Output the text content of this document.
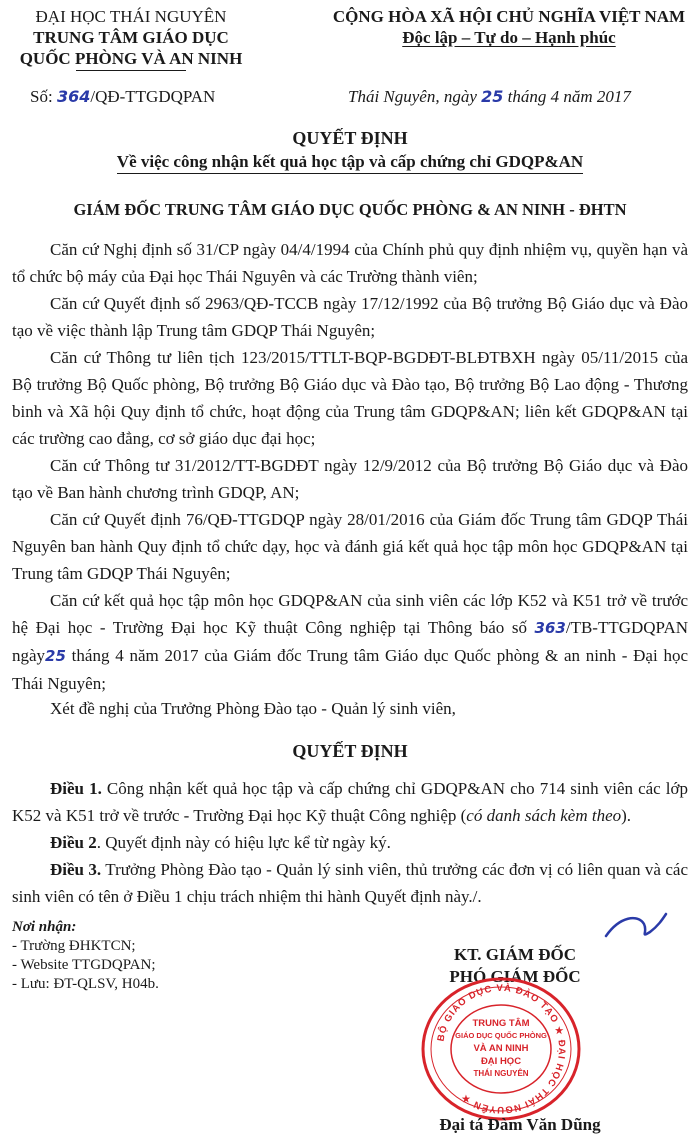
ĐẠI HỌC THÁI NGUYÊN
TRUNG TÂM GIÁO DỤC
QUỐC PHÒNG VÀ AN NINH
CỘNG HÒA XÃ HỘI CHỦ NGHĨA VIỆT NAM
Độc lập – Tự do – Hạnh phúc
Số: 364/QĐ-TTGDQPAN	Thái Nguyên, ngày 25 tháng 4 năm 2017
QUYẾT ĐỊNH
Về việc công nhận kết quả học tập và cấp chứng chỉ GDQP&AN
GIÁM ĐỐC TRUNG TÂM GIÁO DỤC QUỐC PHÒNG & AN NINH - ĐHTN
Căn cứ Nghị định số 31/CP ngày 04/4/1994 của Chính phủ quy định nhiệm vụ, quyền hạn và tổ chức bộ máy của Đại học Thái Nguyên và các Trường thành viên;
Căn cứ Quyết định số 2963/QĐ-TCCB ngày 17/12/1992 của Bộ trưởng Bộ Giáo dục và Đào tạo về việc thành lập Trung tâm GDQP Thái Nguyên;
Căn cứ Thông tư liên tịch 123/2015/TTLT-BQP-BGDĐT-BLĐTBXH ngày 05/11/2015 của Bộ trưởng Bộ Quốc phòng, Bộ trưởng Bộ Giáo dục và Đào tạo, Bộ trưởng Bộ Lao động - Thương binh và Xã hội Quy định tổ chức, hoạt động của Trung tâm GDQP&AN; liên kết GDQP&AN tại các trường cao đẳng, cơ sở giáo dục đại học;
Căn cứ Thông tư 31/2012/TT-BGDĐT ngày 12/9/2012 của Bộ trưởng Bộ Giáo dục và Đào tạo về Ban hành chương trình GDQP, AN;
Căn cứ Quyết định 76/QĐ-TTGDQP ngày 28/01/2016 của Giám đốc Trung tâm GDQP Thái Nguyên ban hành Quy định tổ chức dạy, học và đánh giá kết quả học tập môn học GDQP&AN tại Trung tâm GDQP Thái Nguyên;
Căn cứ kết quả học tập môn học GDQP&AN của sinh viên các lớp K52 và K51 trở về trước hệ Đại học - Trường Đại học Kỹ thuật Công nghiệp tại Thông báo số 363/TB-TTGDQPAN ngày25 tháng 4 năm 2017 của Giám đốc Trung tâm Giáo dục Quốc phòng & an ninh - Đại học Thái Nguyên;
Xét đề nghị của Trưởng Phòng Đào tạo - Quản lý sinh viên,
QUYẾT ĐỊNH
Điều 1. Công nhận kết quả học tập và cấp chứng chỉ GDQP&AN cho 714 sinh viên các lớp K52 và K51 trở về trước - Trường Đại học Kỹ thuật Công nghiệp (có danh sách kèm theo).
Điều 2. Quyết định này có hiệu lực kể từ ngày ký.
Điều 3. Trưởng Phòng Đào tạo - Quản lý sinh viên, thủ trưởng các đơn vị có liên quan và các sinh viên có tên ở Điều 1 chịu trách nhiệm thi hành Quyết định này./.
Nơi nhận:
- Trường ĐHKTCN;
- Website TTGDQPAN;
- Lưu: ĐT-QLSV, H04b.
KT. GIÁM ĐỐC
PHÓ GIÁM ĐỐC
BỘ GIÁO DỤC VÀ ĐÀO TẠO ★ ĐẠI HỌC THÁI NGUYÊN ★
TRUNG TÂM
GIÁO DỤC QUỐC PHÒNG
VÀ AN NINH
ĐẠI HỌC
THÁI NGUYÊN
Đại tá Đàm Văn Dũng
